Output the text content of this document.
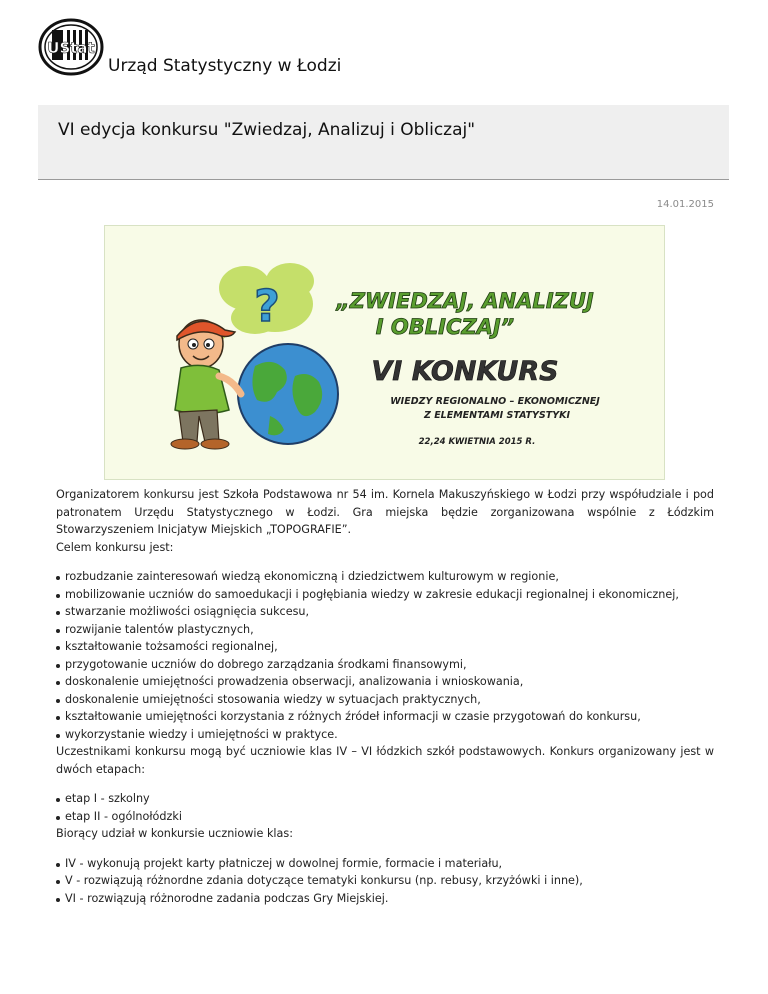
UStat
Urząd Statystyczny w Łodzi
VI edycja konkursu "Zwiedzaj, Analizuj i Obliczaj"
14.01.2015
?	„ZWIEDZAJ, ANALIZUJ
I OBLICZAJ”
VI KONKURS
WIEDZY REGIONALNO – EKONOMICZNEJ
Z ELEMENTAMI STATYSTYKI
22,24 KWIETNIA 2015 R.

Organizatorem konkursu jest Szkoła Podstawowa nr 54 im. Kornela Makuszyńskiego w Łodzi przy współudziale i pod patronatem Urzędu Statystycznego w Łodzi. Gra miejska będzie zorganizowana wspólnie z Łódzkim Stowarzyszeniem Inicjatyw Miejskich „TOPOGRAFIE”.

Celem konkursu jest:

rozbudzanie zainteresowań wiedzą ekonomiczną i dziedzictwem kulturowym w regionie,
mobilizowanie uczniów do samoedukacji i pogłębiania wiedzy w zakresie edukacji regionalnej i ekonomicznej,
stwarzanie możliwości osiągnięcia sukcesu,
rozwijanie talentów plastycznych,
kształtowanie tożsamości regionalnej,
przygotowanie uczniów do dobrego zarządzania środkami finansowymi,
doskonalenie umiejętności prowadzenia obserwacji, analizowania i wnioskowania,
doskonalenie umiejętności stosowania wiedzy w sytuacjach praktycznych,
kształtowanie umiejętności korzystania z różnych źródeł informacji w czasie przygotowań do konkursu,
wykorzystanie wiedzy i umiejętności w praktyce.

Uczestnikami konkursu mogą być uczniowie klas IV – VI łódzkich szkół podstawowych. Konkurs organizowany jest w dwóch etapach:

etap I - szkolny
etap II - ogólnołódzki

Biorący udział w konkursie uczniowie klas:

IV - wykonują projekt karty płatniczej w dowolnej formie, formacie i materiału,
V - rozwiązują różnordne zdania dotyczące tematyki konkursu (np. rebusy, krzyżówki i inne),
VI - rozwiązują różnorodne zadania podczas Gry Miejskiej.
